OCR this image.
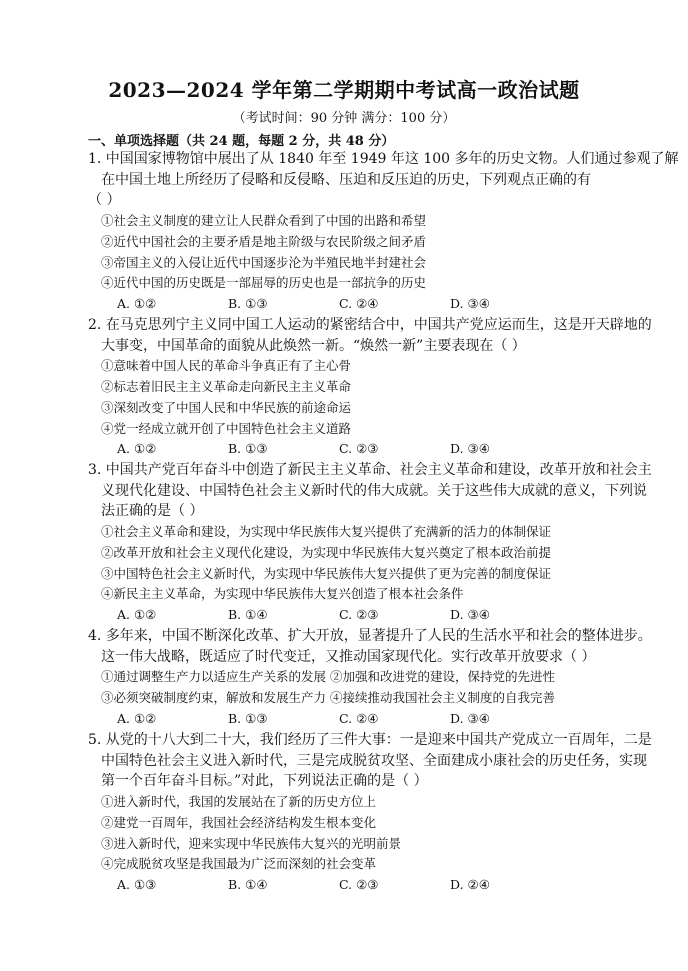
2023—2024 学年第二学期期中考试高一政治试题
（考试时间：90 分钟 满分：100 分）
一、单项选择题（共 24 题，每题 2 分，共 48 分）
1. 中国国家博物馆中展出了从 1840 年至 1949 年这 100 多年的历史文物。人们通过参观了解
在中国土地上所经历了侵略和反侵略、压迫和反压迫的历史，下列观点正确的有
（ ）
①社会主义制度的建立让人民群众看到了中国的出路和希望
②近代中国社会的主要矛盾是地主阶级与农民阶级之间矛盾
③帝国主义的入侵让近代中国逐步沦为半殖民地半封建社会
④近代中国的历史既是一部屈辱的历史也是一部抗争的历史
A. ①②	B. ①③	C. ②④	D. ③④
2. 在马克思列宁主义同中国工人运动的紧密结合中，中国共产党应运而生，这是开天辟地的
大事变，中国革命的面貌从此焕然一新。“焕然一新”主要表现在（ ）
①意味着中国人民的革命斗争真正有了主心骨
②标志着旧民主主义革命走向新民主主义革命
③深刻改变了中国人民和中华民族的前途命运
④党一经成立就开创了中国特色社会主义道路
A. ①②	B. ①③	C. ②③	D. ③④
3. 中国共产党百年奋斗中创造了新民主主义革命、社会主义革命和建设，改革开放和社会主
义现代化建设、中国特色社会主义新时代的伟大成就。关于这些伟大成就的意义，下列说
法正确的是（ ）
①社会主义革命和建设，为实现中华民族伟大复兴提供了充满新的活力的体制保证
②改革开放和社会主义现代化建设，为实现中华民族伟大复兴奠定了根本政治前提
③中国特色社会主义新时代，为实现中华民族伟大复兴提供了更为完善的制度保证
④新民主主义革命，为实现中华民族伟大复兴创造了根本社会条件
A. ①②	B. ①④	C. ②③	D. ③④
4. 多年来，中国不断深化改革、扩大开放，显著提升了人民的生活水平和社会的整体进步。
这一伟大战略，既适应了时代变迁，又推动国家现代化。实行改革开放要求（ ）
①通过调整生产力以适应生产关系的发展 ②加强和改进党的建设，保持党的先进性
③必须突破制度约束，解放和发展生产力 ④接续推动我国社会主义制度的自我完善
A. ①②	B. ①③	C. ②④	D. ③④
5. 从党的十八大到二十大，我们经历了三件大事：一是迎来中国共产党成立一百周年，二是
中国特色社会主义进入新时代，三是完成脱贫攻坚、全面建成小康社会的历史任务，实现
第一个百年奋斗目标。”对此，下列说法正确的是（ ）
①进入新时代，我国的发展站在了新的历史方位上
②建党一百周年，我国社会经济结构发生根本变化
③进入新时代，迎来实现中华民族伟大复兴的光明前景
④完成脱贫攻坚是我国最为广泛而深刻的社会变革
A. ①③	B. ①④	C. ②③	D. ②④
